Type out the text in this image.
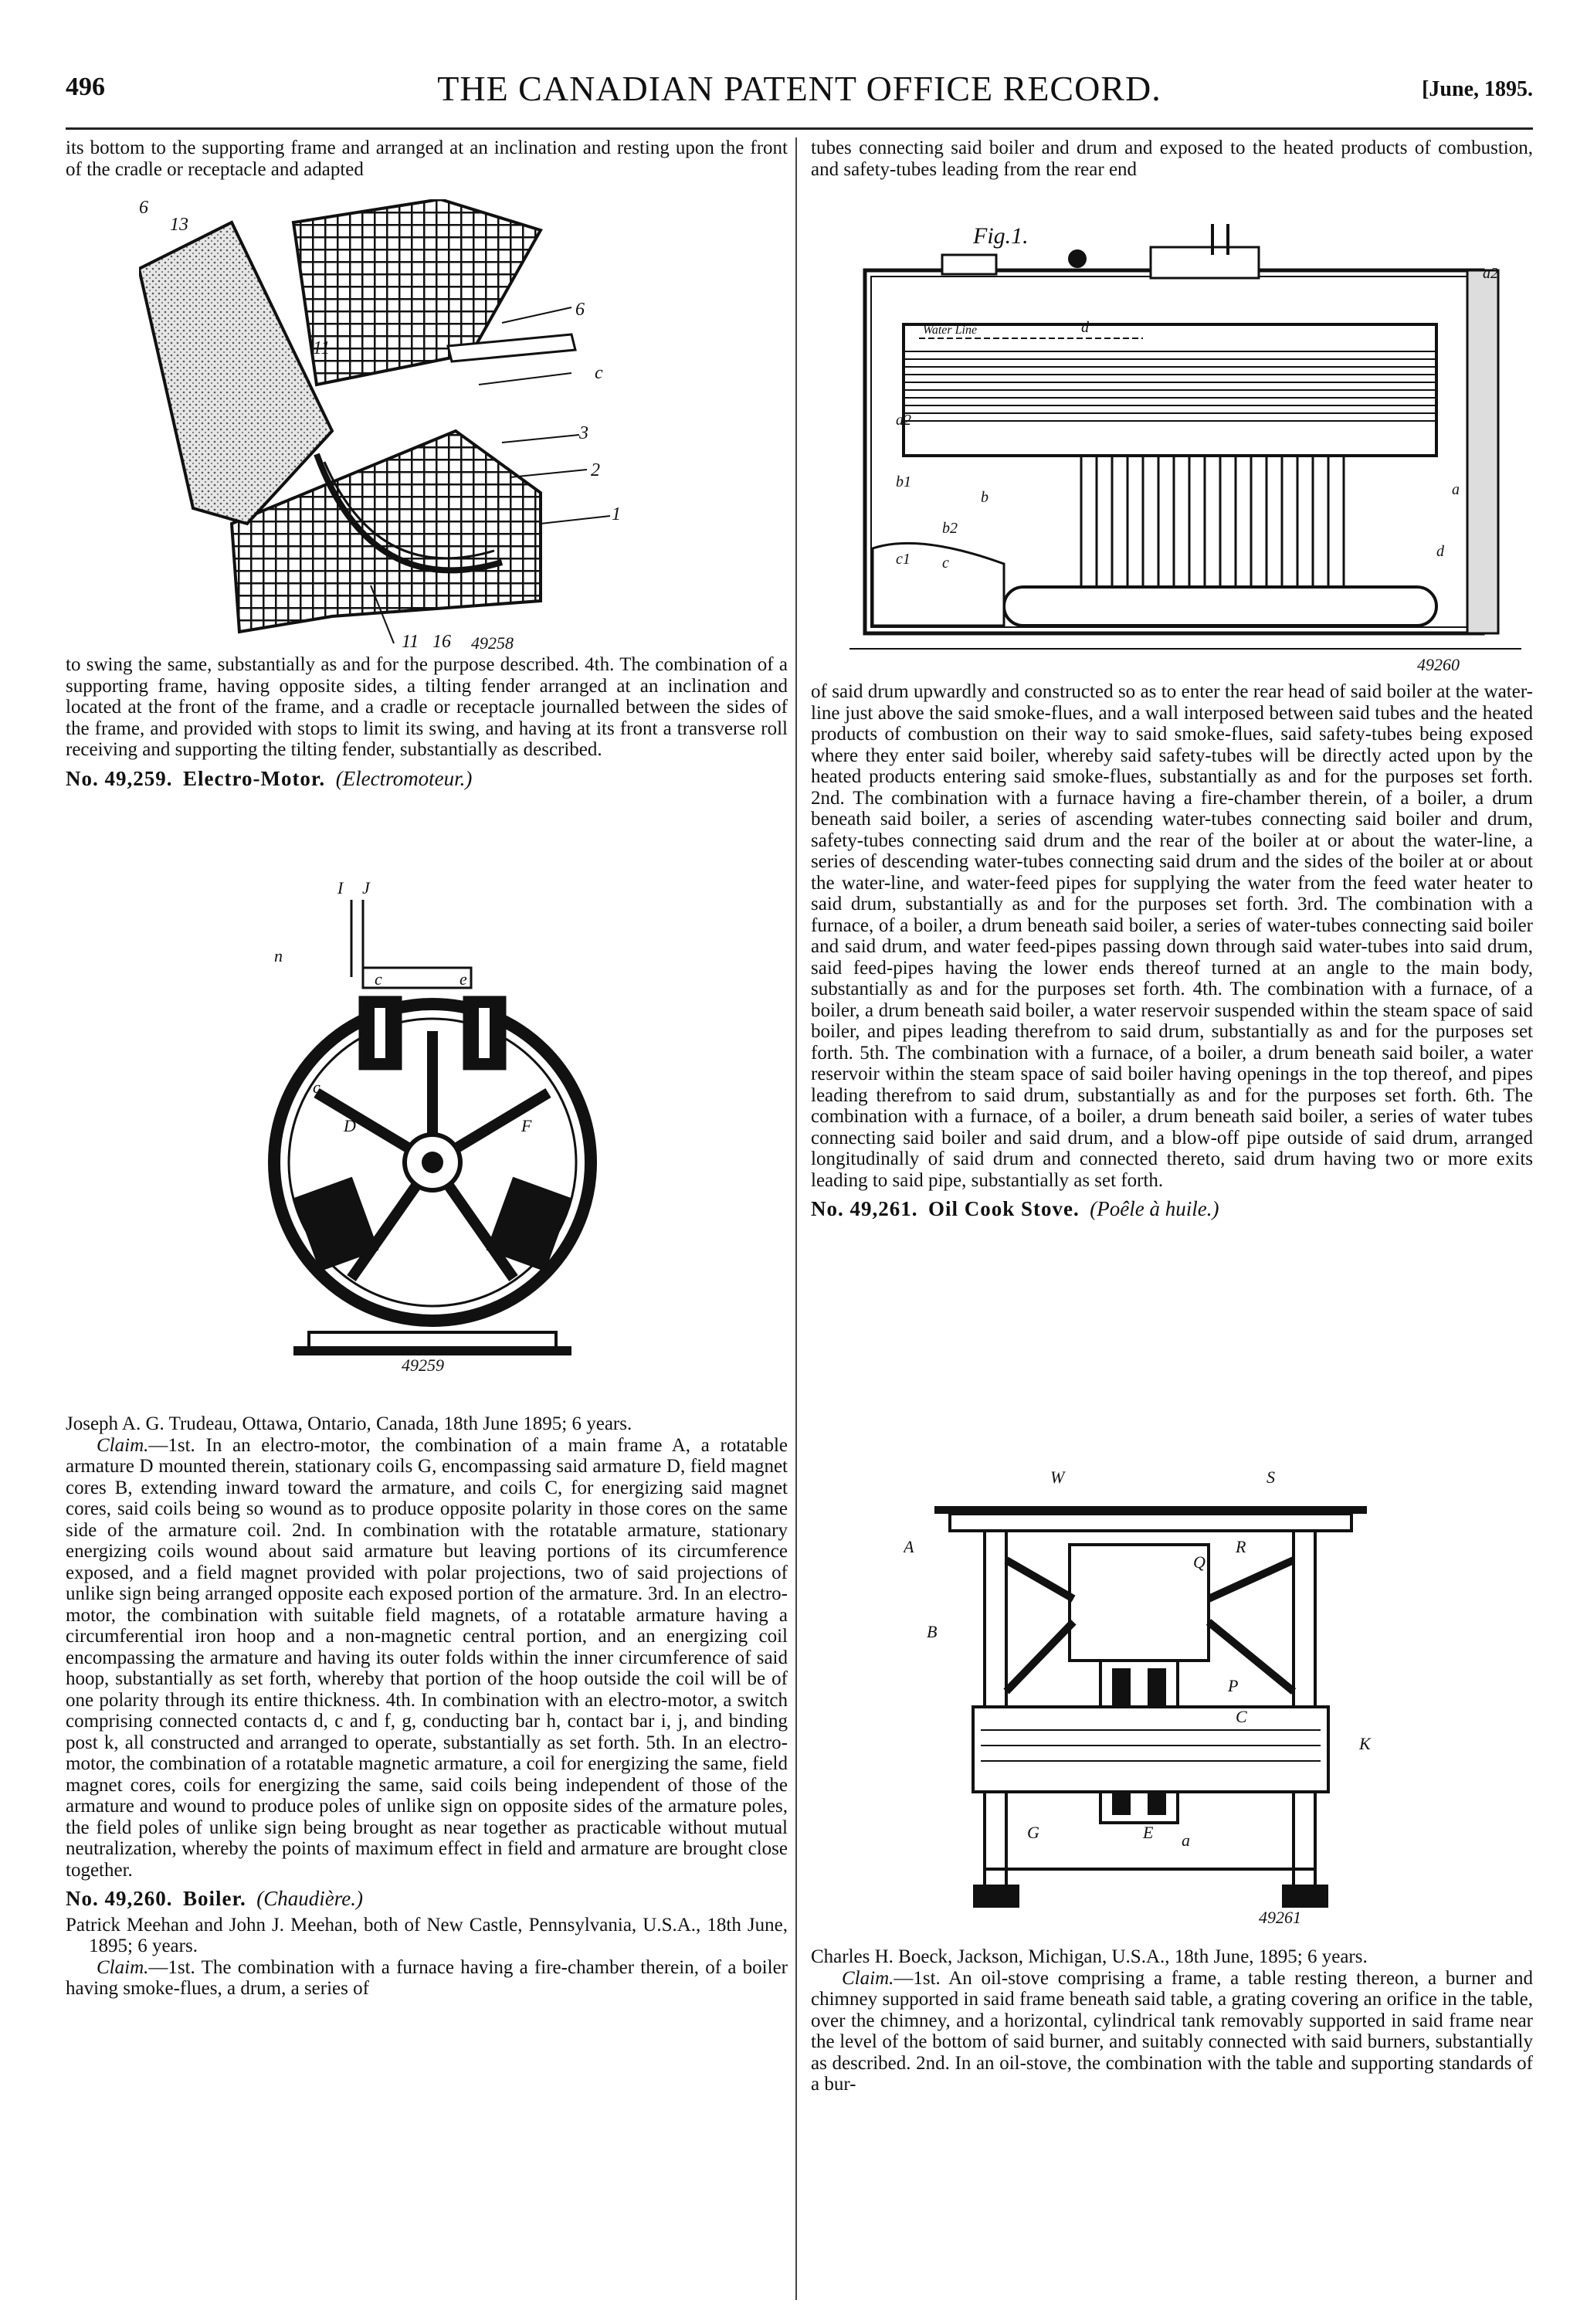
496	THE CANADIAN PATENT OFFICE RECORD.	[June, 1895.

its bottom to the supporting frame and arranged at an inclination and resting upon the front of the cradle or receptacle and adapted

6
13
11
6
c
3
2
1
11 16 49258

to swing the same, substantially as and for the purpose described. 4th. The combination of a supporting frame, having opposite sides, a tilting fender arranged at an inclination and located at the front of the frame, and a cradle or receptacle journalled between the sides of the frame, and provided with stops to limit its swing, and having at its front a transverse roll receiving and supporting the tilting fender, substantially as described.

No. 49,259. Electro-Motor. (Electromoteur.)
I J
n
c
c	e
D	F
49259

Joseph A. G. Trudeau, Ottawa, Ontario, Canada, 18th June 1895; 6 years.

Claim.—1st. In an electro-motor, the combination of a main frame A, a rotatable armature D mounted therein, stationary coils G, encompassing said armature D, field magnet cores B, extending inward toward the armature, and coils C, for energizing said magnet cores, said coils being so wound as to produce opposite polarity in those cores on the same side of the armature coil. 2nd. In combination with the rotatable armature, stationary energizing coils wound about said armature but leaving portions of its circumference exposed, and a field magnet provided with polar projections, two of said projections of unlike sign being arranged opposite each exposed portion of the armature. 3rd. In an electro-motor, the combination with suitable field magnets, of a rotatable armature having a circumferential iron hoop and a non-magnetic central portion, and an energizing coil encompassing the armature and having its outer folds within the inner circumference of said hoop, substantially as set forth, whereby that portion of the hoop outside the coil will be of one polarity through its entire thickness. 4th. In combination with an electro-motor, a switch comprising connected contacts d, c and f, g, conducting bar h, contact bar i, j, and binding post k, all constructed and arranged to operate, substantially as set forth. 5th. In an electro-motor, the combination of a rotatable magnetic armature, a coil for energizing the same, field magnet cores, coils for energizing the same, said coils being independent of those of the armature and wound to produce poles of unlike sign on opposite sides of the armature poles, the field poles of unlike sign being brought as near together as practicable without mutual neutralization, whereby the points of maximum effect in field and armature are brought close together.

No. 49,260. Boiler. (Chaudière.)

Patrick Meehan and John J. Meehan, both of New Castle, Pennsylvania, U.S.A., 18th June, 1895; 6 years.

Claim.—1st. The combination with a furnace having a fire-chamber therein, of a boiler having smoke-flues, a drum, a series of

tubes connecting said boiler and drum and exposed to the heated products of combustion, and safety-tubes leading from the rear end

Fig.1.
Water Line
a2
b1
b
b2
c1 c
d
a2
a
d
49260

of said drum upwardly and constructed so as to enter the rear head of said boiler at the water-line just above the said smoke-flues, and a wall interposed between said tubes and the heated products of combustion on their way to said smoke-flues, said safety-tubes being exposed where they enter said boiler, whereby said safety-tubes will be directly acted upon by the heated products entering said smoke-flues, substantially as and for the purposes set forth. 2nd. The combination with a furnace having a fire-chamber therein, of a boiler, a drum beneath said boiler, a series of ascending water-tubes connecting said boiler and drum, safety-tubes connecting said drum and the rear of the boiler at or about the water-line, a series of descending water-tubes connecting said drum and the sides of the boiler at or about the water-line, and water-feed pipes for supplying the water from the feed water heater to said drum, substantially as and for the purposes set forth. 3rd. The combination with a furnace, of a boiler, a drum beneath said boiler, a series of water-tubes connecting said boiler and said drum, and water feed-pipes passing down through said water-tubes into said drum, said feed-pipes having the lower ends thereof turned at an angle to the main body, substantially as and for the purposes set forth. 4th. The combination with a furnace, of a boiler, a drum beneath said boiler, a water reservoir suspended within the steam space of said boiler, and pipes leading therefrom to said drum, substantially as and for the purposes set forth. 5th. The combination with a furnace, of a boiler, a drum beneath said boiler, a water reservoir within the steam space of said boiler having openings in the top thereof, and pipes leading therefrom to said drum, substantially as and for the purposes set forth. 6th. The combination with a furnace, of a boiler, a drum beneath said boiler, a series of water tubes connecting said boiler and said drum, and a blow-off pipe outside of said drum, arranged longitudinally of said drum and connected thereto, said drum having two or more exits leading to said pipe, substantially as set forth.

No. 49,261. Oil Cook Stove. (Poêle à huile.)
W	S
A
B
R
Q
P
C
K
G	E a
49261

Charles H. Boeck, Jackson, Michigan, U.S.A., 18th June, 1895; 6 years.

Claim.—1st. An oil-stove comprising a frame, a table resting thereon, a burner and chimney supported in said frame beneath said table, a grating covering an orifice in the table, over the chimney, and a horizontal, cylindrical tank removably supported in said frame near the level of the bottom of said burner, and suitably connected with said burners, substantially as described. 2nd. In an oil-stove, the combination with the table and supporting standards of a bur-
